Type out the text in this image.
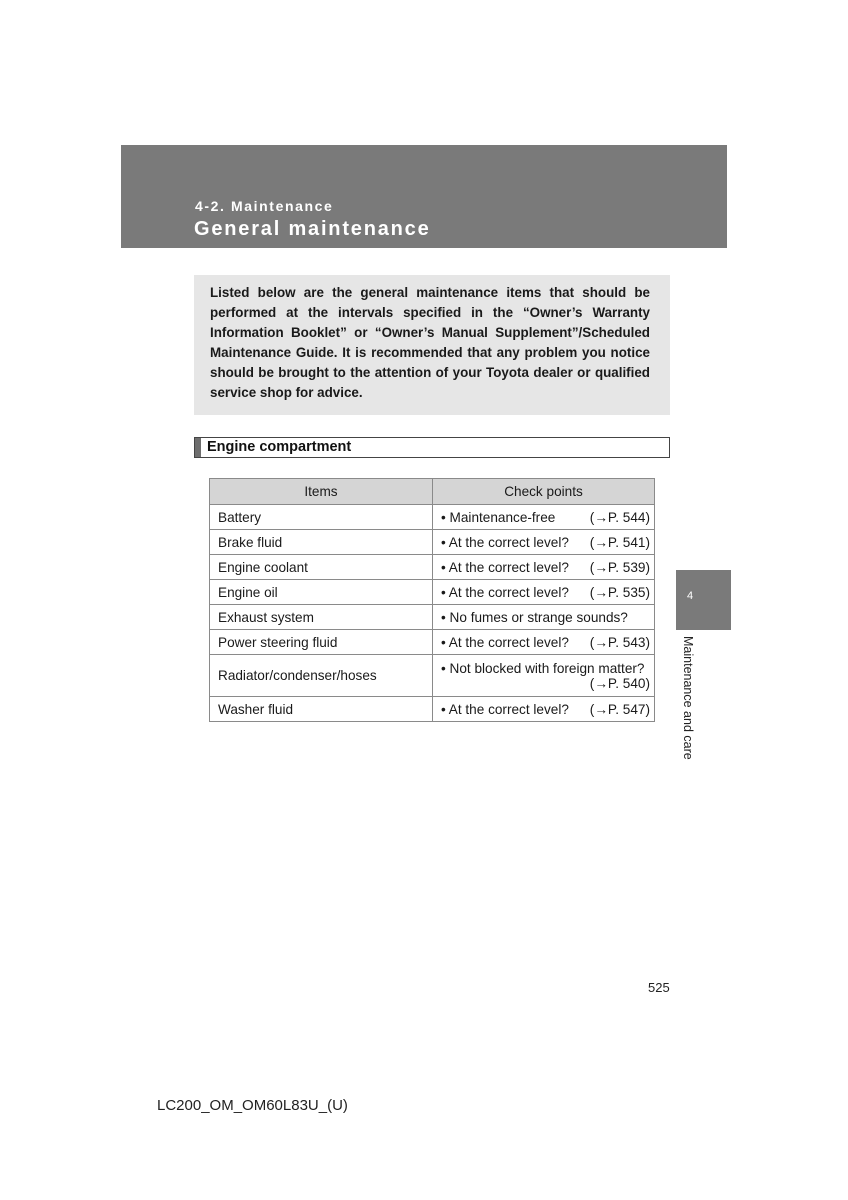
4-2. Maintenance
General maintenance

Listed below are the general maintenance items that should be performed at the intervals specified in the “Owner’s Warranty Information Booklet” or “Owner’s Manual Supplement”/Scheduled Maintenance Guide. It is recommended that any problem you notice should be brought to the attention of your Toyota dealer or qualified service shop for advice.

Engine compartment
Items	Check points
Battery	• Maintenance-free (→P. 544)

Brake fluid	• At the correct level? (→P. 541)

Engine coolant	• At the correct level? (→P. 539)

Engine oil	• At the correct level? (→P. 535)

Exhaust system	• No fumes or strange sounds?

Power steering fluid	• At the correct level? (→P. 543)

Radiator/condenser/hoses	• Not blocked with foreign matter?
(→P. 540)

Washer fluid	• At the correct level? (→P. 547)
4
Maintenance and care
525
LC200_OM_OM60L83U_(U)
